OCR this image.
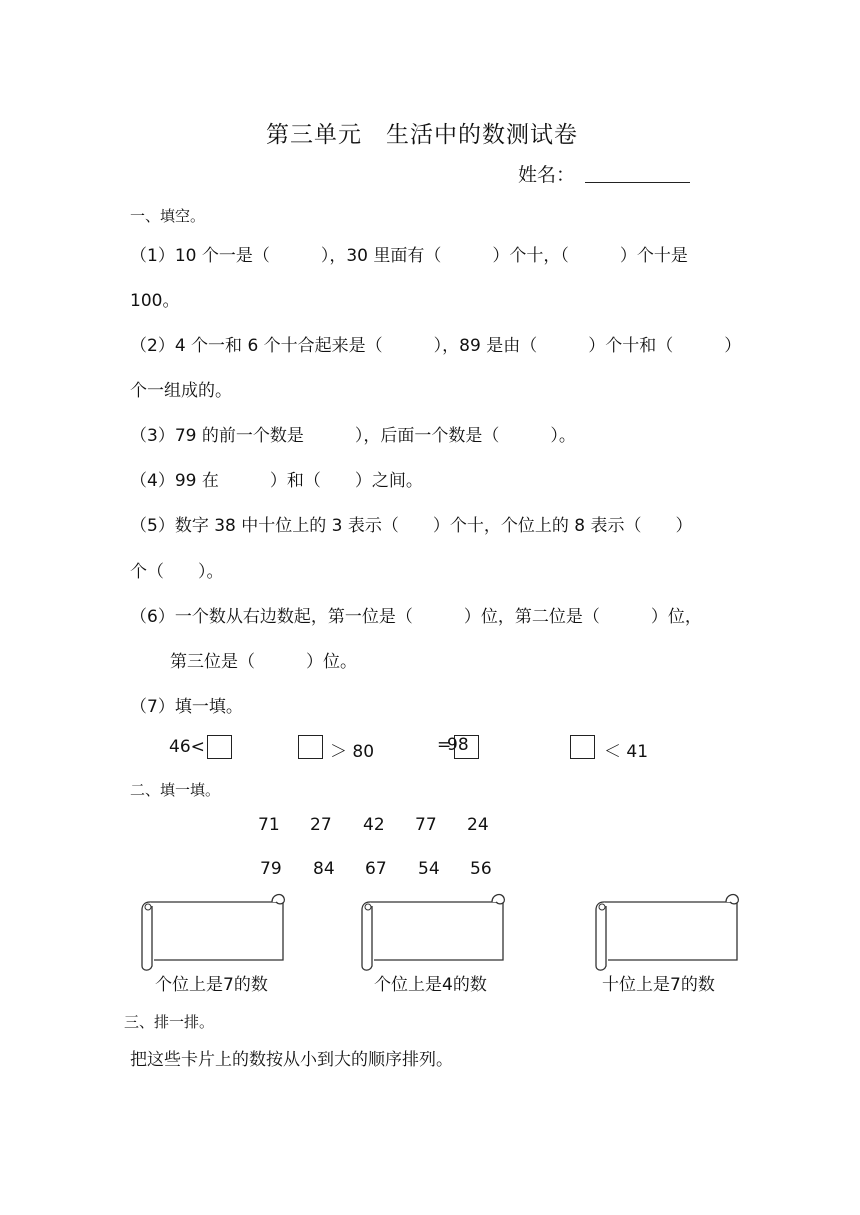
第三单元　生活中的数测试卷
姓名：
一、填空。
（1）10 个一是（　　　），30 里面有（　　　）个十，（　　　）个十是
100。
（2）4 个一和 6 个十合起来是（　　　），89 是由（　　　）个十和（　　　）
个一组成的。
（3）79 的前一个数是　　　），后面一个数是（　　　）。
（4）99 在　　　）和（　　）之间。
（5）数字 38 中十位上的 3 表示（　　）个十，个位上的 8 表示（　　）
个（　　）。
（6）一个数从右边数起，第一位是（　　　）位，第二位是（　　　）位，
第三位是（　　　）位。
（7）填一填。
46<	＞ 80	=
98	＜ 41
二、填一填。
71 27 42 77 24
79 84 67 54 56
个位上是7的数	个位上是4的数	十位上是7的数
三、排一排。
把这些卡片上的数按从小到大的顺序排列。
